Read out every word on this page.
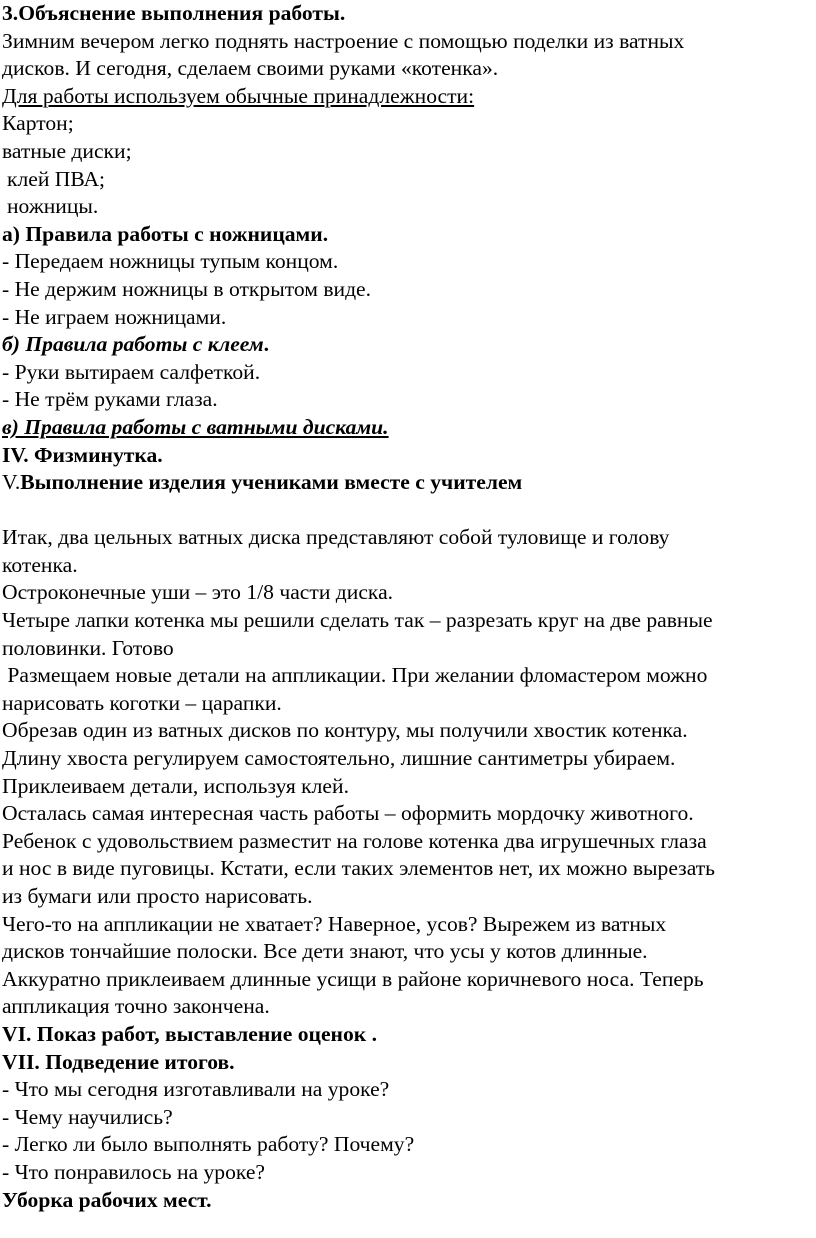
3.Объяснение выполнения работы.
Зимним вечером легко поднять настроение с помощью поделки из ватных
дисков. И сегодня, сделаем своими руками «котенка».
Для работы используем обычные принадлежности:
Картон;
ватные диски;
клей ПВА;
ножницы.
а) Правила работы с ножницами.
- Передаем ножницы тупым концом.
- Не держим ножницы в открытом виде.
- Не играем ножницами.
б) Правила работы с клеем.
- Руки вытираем салфеткой.
- Не трём руками глаза.
в) Правила работы с ватными дисками.
IV. Физминутка.
V.Выполнение изделия учениками вместе с учителем
Итак, два цельных ватных диска представляют собой туловище и голову
котенка.
Остроконечные уши – это 1/8 части диска.
Четыре лапки котенка мы решили сделать так – разрезать круг на две равные
половинки. Готово
Размещаем новые детали на аппликации. При желании фломастером можно
нарисовать коготки – царапки.
Обрезав один из ватных дисков по контуру, мы получили хвостик котенка.
Длину хвоста регулируем самостоятельно, лишние сантиметры убираем.
Приклеиваем детали, используя клей.
Осталась самая интересная часть работы – оформить мордочку животного.
Ребенок с удовольствием разместит на голове котенка два игрушечных глаза
и нос в виде пуговицы. Кстати, если таких элементов нет, их можно вырезать
из бумаги или просто нарисовать.
Чего-то на аппликации не хватает? Наверное, усов? Вырежем из ватных
дисков тончайшие полоски. Все дети знают, что усы у котов длинные.
Аккуратно приклеиваем длинные усищи в районе коричневого носа. Теперь
аппликация точно закончена.
VI. Показ работ, выставление оценок .
VII. Подведение итогов.
- Что мы сегодня изготавливали на уроке?
- Чему научились?
- Легко ли было выполнять работу? Почему?
- Что понравилось на уроке?
Уборка рабочих мест.
